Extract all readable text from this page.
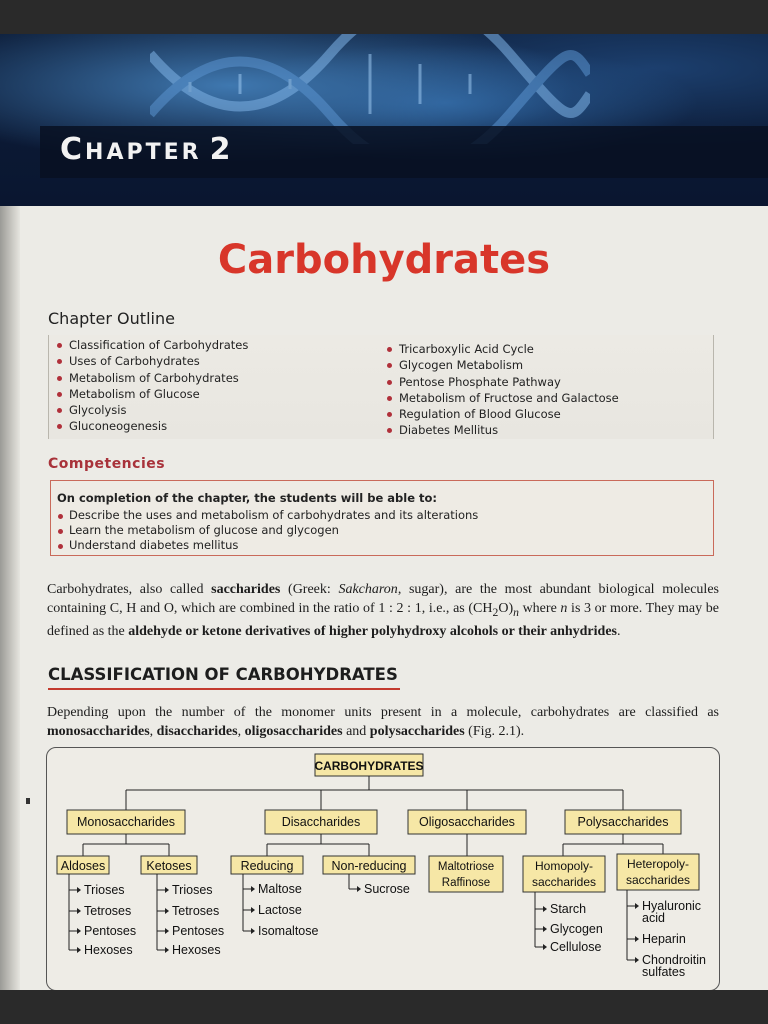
CHAPTER 2
Carbohydrates
Chapter Outline
Classification of Carbohydrates
Uses of Carbohydrates
Metabolism of Carbohydrates
Metabolism of Glucose
Glycolysis
Gluconeogenesis
Tricarboxylic Acid Cycle
Glycogen Metabolism
Pentose Phosphate Pathway
Metabolism of Fructose and Galactose
Regulation of Blood Glucose
Diabetes Mellitus
Competencies
On completion of the chapter, the students will be able to:
Describe the uses and metabolism of carbohydrates and its alterations
Learn the metabolism of glucose and glycogen
Understand diabetes mellitus
Carbohydrates, also called saccharides (Greek: Sakcharon, sugar), are the most abundant biological molecules containing C, H and O, which are combined in the ratio of 1 : 2 : 1, i.e., as $(CH_2O)_n$ where n is 3 or more. They may be defined as the aldehyde or ketone derivatives of higher polyhydroxy alcohols or their anhydrides.
CLASSIFICATION OF CARBOHYDRATES
Depending upon the number of the monomer units present in a molecule, carbohydrates are classified as monosaccharides, disaccharides, oligosaccharides and polysaccharides (Fig. 2.1).
CARBOHYDRATES
Monosaccharides	Disaccharides	Oligosaccharides	Polysaccharides
Aldoses	Ketoses
Trioses
Tetroses
Pentoses
Hexoses
Trioses
Tetroses
Pentoses
Hexoses
Reducing	Non-reducing
Maltose
Lactose
Isomaltose
Sucrose
Maltotriose
Raffinose
Homopoly-
saccharides
Heteropoly-
saccharides
Starch
Glycogen
Cellulose
Hyaluronic
acid
Heparin
Chondroitin
sulfates
